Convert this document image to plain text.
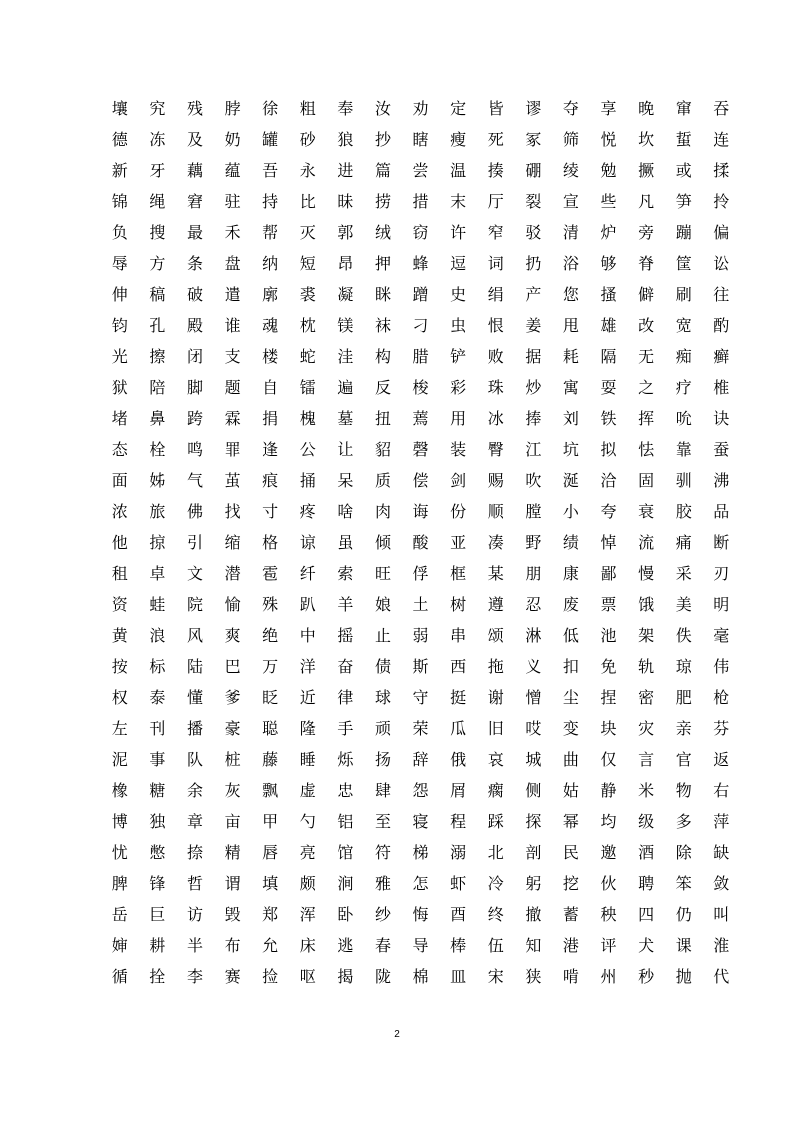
壤	究	残	脖	徐	粗	奉	汝	劝	定	皆	谬	夺	享	晚	窜	吞
德	冻	及	奶	罐	砂	狼	抄	瞎	瘦	死	冢	筛	悦	坎	蜇	连
新	牙	藕	蕴	吾	永	进	篇	尝	温	揍	硼	绫	勉	撅	或	揉
锦	绳	窘	驻	持	比	昧	捞	措	末	厅	裂	宣	些	凡	笋	拎
负	搜	最	禾	帮	灭	郭	绒	窃	许	窄	驳	清	炉	旁	蹦	偏
辱	方	条	盘	纳	短	昂	押	蜂	逗	词	扔	浴	够	脊	筐	讼
伸	稿	破	遣	廓	裘	凝	眯	蹭	史	绢	产	您	搔	僻	刷	往
钧	孔	殿	谁	魂	枕	镁	袜	刁	虫	恨	姜	甩	雄	改	宽	酌
光	擦	闭	支	楼	蛇	洼	构	腊	铲	败	据	耗	隔	无	痴	癣
狱	陪	脚	题	自	镭	遍	反	梭	彩	珠	炒	寓	耍	之	疗	椎
堵	鼻	跨	霖	捐	槐	墓	扭	蔫	用	冰	捧	刘	铁	挥	吮	诀
态	栓	鸣	罪	逢	公	让	貂	磬	装	臀	江	坑	拟	怯	靠	蚕
面	姊	气	茧	痕	捅	呆	质	偿	剑	赐	吹	涎	洽	固	驯	沸
浓	旅	佛	找	寸	疼	啥	肉	诲	份	顺	膛	小	夸	衰	胶	品
他	掠	引	缩	格	谅	虽	倾	酸	亚	凑	野	绩	悼	流	痛	断
租	卓	文	潜	雹	纤	索	旺	俘	框	某	朋	康	鄙	慢	采	刃
资	蛙	院	愉	殊	趴	羊	娘	土	树	遵	忍	废	票	饿	美	明
黄	浪	风	爽	绝	中	摇	止	弱	串	颂	淋	低	池	架	佚	毫
按	标	陆	巴	万	洋	奋	债	斯	西	拖	义	扣	免	轨	琼	伟
权	泰	懂	爹	眨	近	律	球	守	挺	谢	憎	尘	捏	密	肥	枪
左	刊	播	豪	聪	隆	手	顽	荣	瓜	旧	哎	变	块	灾	亲	芬
泥	事	队	桩	藤	睡	烁	扬	辞	俄	哀	城	曲	仅	言	官	返
橡	糖	余	灰	飘	虚	忠	肆	怨	屑	瘸	侧	姑	静	米	物	右
博	独	章	亩	甲	勺	铝	至	寝	程	踩	探	幂	均	级	多	萍
忧	憋	捺	精	唇	亮	馆	符	梯	溺	北	剖	民	邀	酒	除	缺
脾	锋	哲	谓	填	颇	涧	雅	怎	虾	冷	躬	挖	伙	聘	笨	敛
岳	巨	访	毁	郑	浑	卧	纱	悔	酉	终	撤	蓄	秧	四	仍	叫
婶	耕	半	布	允	床	逃	春	导	棒	伍	知	港	评	犬	课	淮
循	拴	李	赛	捡	呕	揭	陇	棉	皿	宋	狭	啃	州	秒	抛	代
2
